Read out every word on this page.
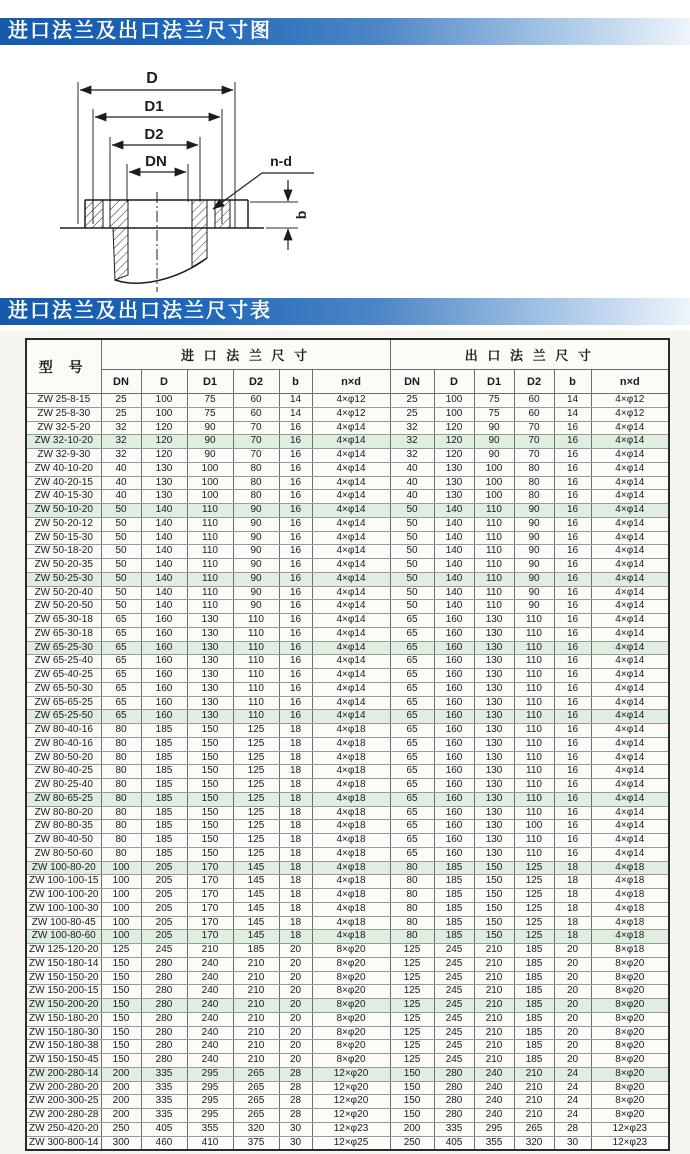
进口法兰及出口法兰尺寸图
D
D1
D2
DN	n-d
b
进口法兰及出口法兰尺寸表
型 号	进 口 法 兰 尺 寸						出 口 法 兰 尺 寸					
	DN	D	D1	D2	b	n×d	DN	D	D1	D2	b	n×d
ZW 25-8-15	25	100	75	60	14	4×φ12	25	100	75	60	14	4×φ12
ZW 25-8-30	25	100	75	60	14	4×φ12	25	100	75	60	14	4×φ12
ZW 32-5-20	32	120	90	70	16	4×φ14	32	120	90	70	16	4×φ14
ZW 32-10-20	32	120	90	70	16	4×φ14	32	120	90	70	16	4×φ14
ZW 32-9-30	32	120	90	70	16	4×φ14	32	120	90	70	16	4×φ14
ZW 40-10-20	40	130	100	80	16	4×φ14	40	130	100	80	16	4×φ14
ZW 40-20-15	40	130	100	80	16	4×φ14	40	130	100	80	16	4×φ14
ZW 40-15-30	40	130	100	80	16	4×φ14	40	130	100	80	16	4×φ14
ZW 50-10-20	50	140	110	90	16	4×φ14	50	140	110	90	16	4×φ14
ZW 50-20-12	50	140	110	90	16	4×φ14	50	140	110	90	16	4×φ14
ZW 50-15-30	50	140	110	90	16	4×φ14	50	140	110	90	16	4×φ14
ZW 50-18-20	50	140	110	90	16	4×φ14	50	140	110	90	16	4×φ14
ZW 50-20-35	50	140	110	90	16	4×φ14	50	140	110	90	16	4×φ14
ZW 50-25-30	50	140	110	90	16	4×φ14	50	140	110	90	16	4×φ14
ZW 50-20-40	50	140	110	90	16	4×φ14	50	140	110	90	16	4×φ14
ZW 50-20-50	50	140	110	90	16	4×φ14	50	140	110	90	16	4×φ14
ZW 65-30-18	65	160	130	110	16	4×φ14	65	160	130	110	16	4×φ14
ZW 65-30-18	65	160	130	110	16	4×φ14	65	160	130	110	16	4×φ14
ZW 65-25-30	65	160	130	110	16	4×φ14	65	160	130	110	16	4×φ14
ZW 65-25-40	65	160	130	110	16	4×φ14	65	160	130	110	16	4×φ14
ZW 65-40-25	65	160	130	110	16	4×φ14	65	160	130	110	16	4×φ14
ZW 65-50-30	65	160	130	110	16	4×φ14	65	160	130	110	16	4×φ14
ZW 65-65-25	65	160	130	110	16	4×φ14	65	160	130	110	16	4×φ14
ZW 65-25-50	65	160	130	110	16	4×φ14	65	160	130	110	16	4×φ14
ZW 80-40-16	80	185	150	125	18	4×φ18	65	160	130	110	16	4×φ14
ZW 80-40-16	80	185	150	125	18	4×φ18	65	160	130	110	16	4×φ14
ZW 80-50-20	80	185	150	125	18	4×φ18	65	160	130	110	16	4×φ14
ZW 80-40-25	80	185	150	125	18	4×φ18	65	160	130	110	16	4×φ14
ZW 80-25-40	80	185	150	125	18	4×φ18	65	160	130	110	16	4×φ14
ZW 80-65-25	80	185	150	125	18	4×φ18	65	160	130	110	16	4×φ14
ZW 80-80-20	80	185	150	125	18	4×φ18	65	160	130	110	16	4×φ14
ZW 80-80-35	80	185	150	125	18	4×φ18	65	160	130	100	16	4×φ14
ZW 80-40-50	80	185	150	125	18	4×φ18	65	160	130	110	16	4×φ14
ZW 80-50-60	80	185	150	125	18	4×φ18	65	160	130	110	16	4×φ14
ZW 100-80-20	100	205	170	145	18	4×φ18	80	185	150	125	18	4×φ18
ZW 100-100-15	100	205	170	145	18	4×φ18	80	185	150	125	18	4×φ18
ZW 100-100-20	100	205	170	145	18	4×φ18	80	185	150	125	18	4×φ18
ZW 100-100-30	100	205	170	145	18	4×φ18	80	185	150	125	18	4×φ18
ZW 100-80-45	100	205	170	145	18	4×φ18	80	185	150	125	18	4×φ18
ZW 100-80-60	100	205	170	145	18	4×φ18	80	185	150	125	18	4×φ18
ZW 125-120-20	125	245	210	185	20	8×φ20	125	245	210	185	20	8×φ18
ZW 150-180-14	150	280	240	210	20	8×φ20	125	245	210	185	20	8×φ20
ZW 150-150-20	150	280	240	210	20	8×φ20	125	245	210	185	20	8×φ20
ZW 150-200-15	150	280	240	210	20	8×φ20	125	245	210	185	20	8×φ20
ZW 150-200-20	150	280	240	210	20	8×φ20	125	245	210	185	20	8×φ20
ZW 150-180-20	150	280	240	210	20	8×φ20	125	245	210	185	20	8×φ20
ZW 150-180-30	150	280	240	210	20	8×φ20	125	245	210	185	20	8×φ20
ZW 150-180-38	150	280	240	210	20	8×φ20	125	245	210	185	20	8×φ20
ZW 150-150-45	150	280	240	210	20	8×φ20	125	245	210	185	20	8×φ20
ZW 200-280-14	200	335	295	265	28	12×φ20	150	280	240	210	24	8×φ20
ZW 200-280-20	200	335	295	265	28	12×φ20	150	280	240	210	24	8×φ20
ZW 200-300-25	200	335	295	265	28	12×φ20	150	280	240	210	24	8×φ20
ZW 200-280-28	200	335	295	265	28	12×φ20	150	280	240	210	24	8×φ20
ZW 250-420-20	250	405	355	320	30	12×φ23	200	335	295	265	28	12×φ23
ZW 300-800-14	300	460	410	375	30	12×φ25	250	405	355	320	30	12×φ23
